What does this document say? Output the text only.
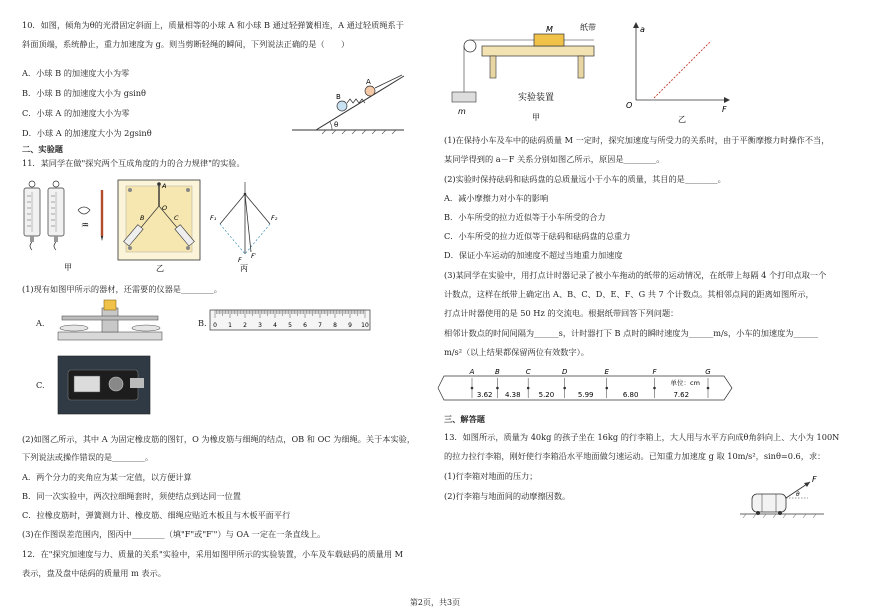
10．如图，倾角为θ的光滑固定斜面上，质量相等的小球 A 和小球 B 通过轻弹簧相连，A 通过轻质绳系于
斜面顶端，系统静止，重力加速度为 g。则当剪断轻绳的瞬间，下列说法正确的是（　　）
A．小球 B 的加速度大小为零
B．小球 B 的加速度大小为 gsinθ
C．小球 A 的加速度大小为零
D．小球 A 的加速度大小为 2gsinθ
B
A
θ
二、实验题
11．某同学在做"探究两个互成角度的力的合力规律"的实验。
♒
甲
A
O
B	C
乙
F₁	F₂
F F′
丙
(1)现有如图甲所示的器材，还需要的仪器是________。
A.	B. 0 1 2 3 4 5 6 7 8 9 10
C.
(2)如图乙所示，其中 A 为固定橡皮筋的图钉，O 为橡皮筋与细绳的结点，OB 和 OC 为细绳。关于本实验，
下列说法或操作错误的是________。
A．两个分力的夹角应为某一定值，以方便计算
B．同一次实验中，两次拉细绳套时，须使结点到达同一位置
C．拉橡皮筋时，弹簧测力计、橡皮筋、细绳应贴近木板且与木板平面平行
(3)在作图误差范围内，图丙中________（填"F"或"F′"）与 OA 一定在一条直线上。
12．在"探究加速度与力、质量的关系"实验中，采用如图甲所示的实验装置，小车及车载砝码的质量用 M
表示，盘及盘中砝码的质量用 m 表示。
M	纸带
m
实验装置
甲
a
O	F
乙
(1)在保持小车及车中的砝码质量 M 一定时，探究加速度与所受力的关系时，由于平衡摩擦力时操作不当，
某同学得到的 a－F 关系分别如图乙所示，原因是________。
(2)实验时保持砝码和砝码盘的总质量远小于小车的质量，其目的是________。
A．减小摩擦力对小车的影响
B．小车所受的拉力近似等于小车所受的合力
C．小车所受的拉力近似等于砝码和砝码盘的总重力
D．保证小车运动的加速度不超过当地重力加速度
(3)某同学在实验中，用打点计时器记录了被小车拖动的纸带的运动情况，在纸带上每隔 4 个打印点取一个
计数点，这样在纸带上确定出 A、B、C、D、E、F、G 共 7 个计数点。其相邻点间的距离如图所示，
打点计时器使用的是 50 Hz 的交流电。根据纸带回答下列问题：
相邻计数点的时间间隔为______s，计时器打下 B 点时的瞬时速度为______m/s，小车的加速度为______
m/s²（以上结果都保留两位有效数字）。
A	B	C	D	E	F	G
3.62 4.38	5.20	5.99	6.80	7.62
单位：cm
三、解答题
13．如图所示，质量为 40kg 的孩子坐在 16kg 的行李箱上，大人用与水平方向成θ角斜向上、大小为 100N
的拉力拉行李箱，刚好使行李箱沿水平地面做匀速运动。已知重力加速度 g 取 10m/s²，sinθ=0.6，求：
(1)行李箱对地面的压力；
(2)行李箱与地面间的动摩擦因数。
F
θ
第2页，共3页
